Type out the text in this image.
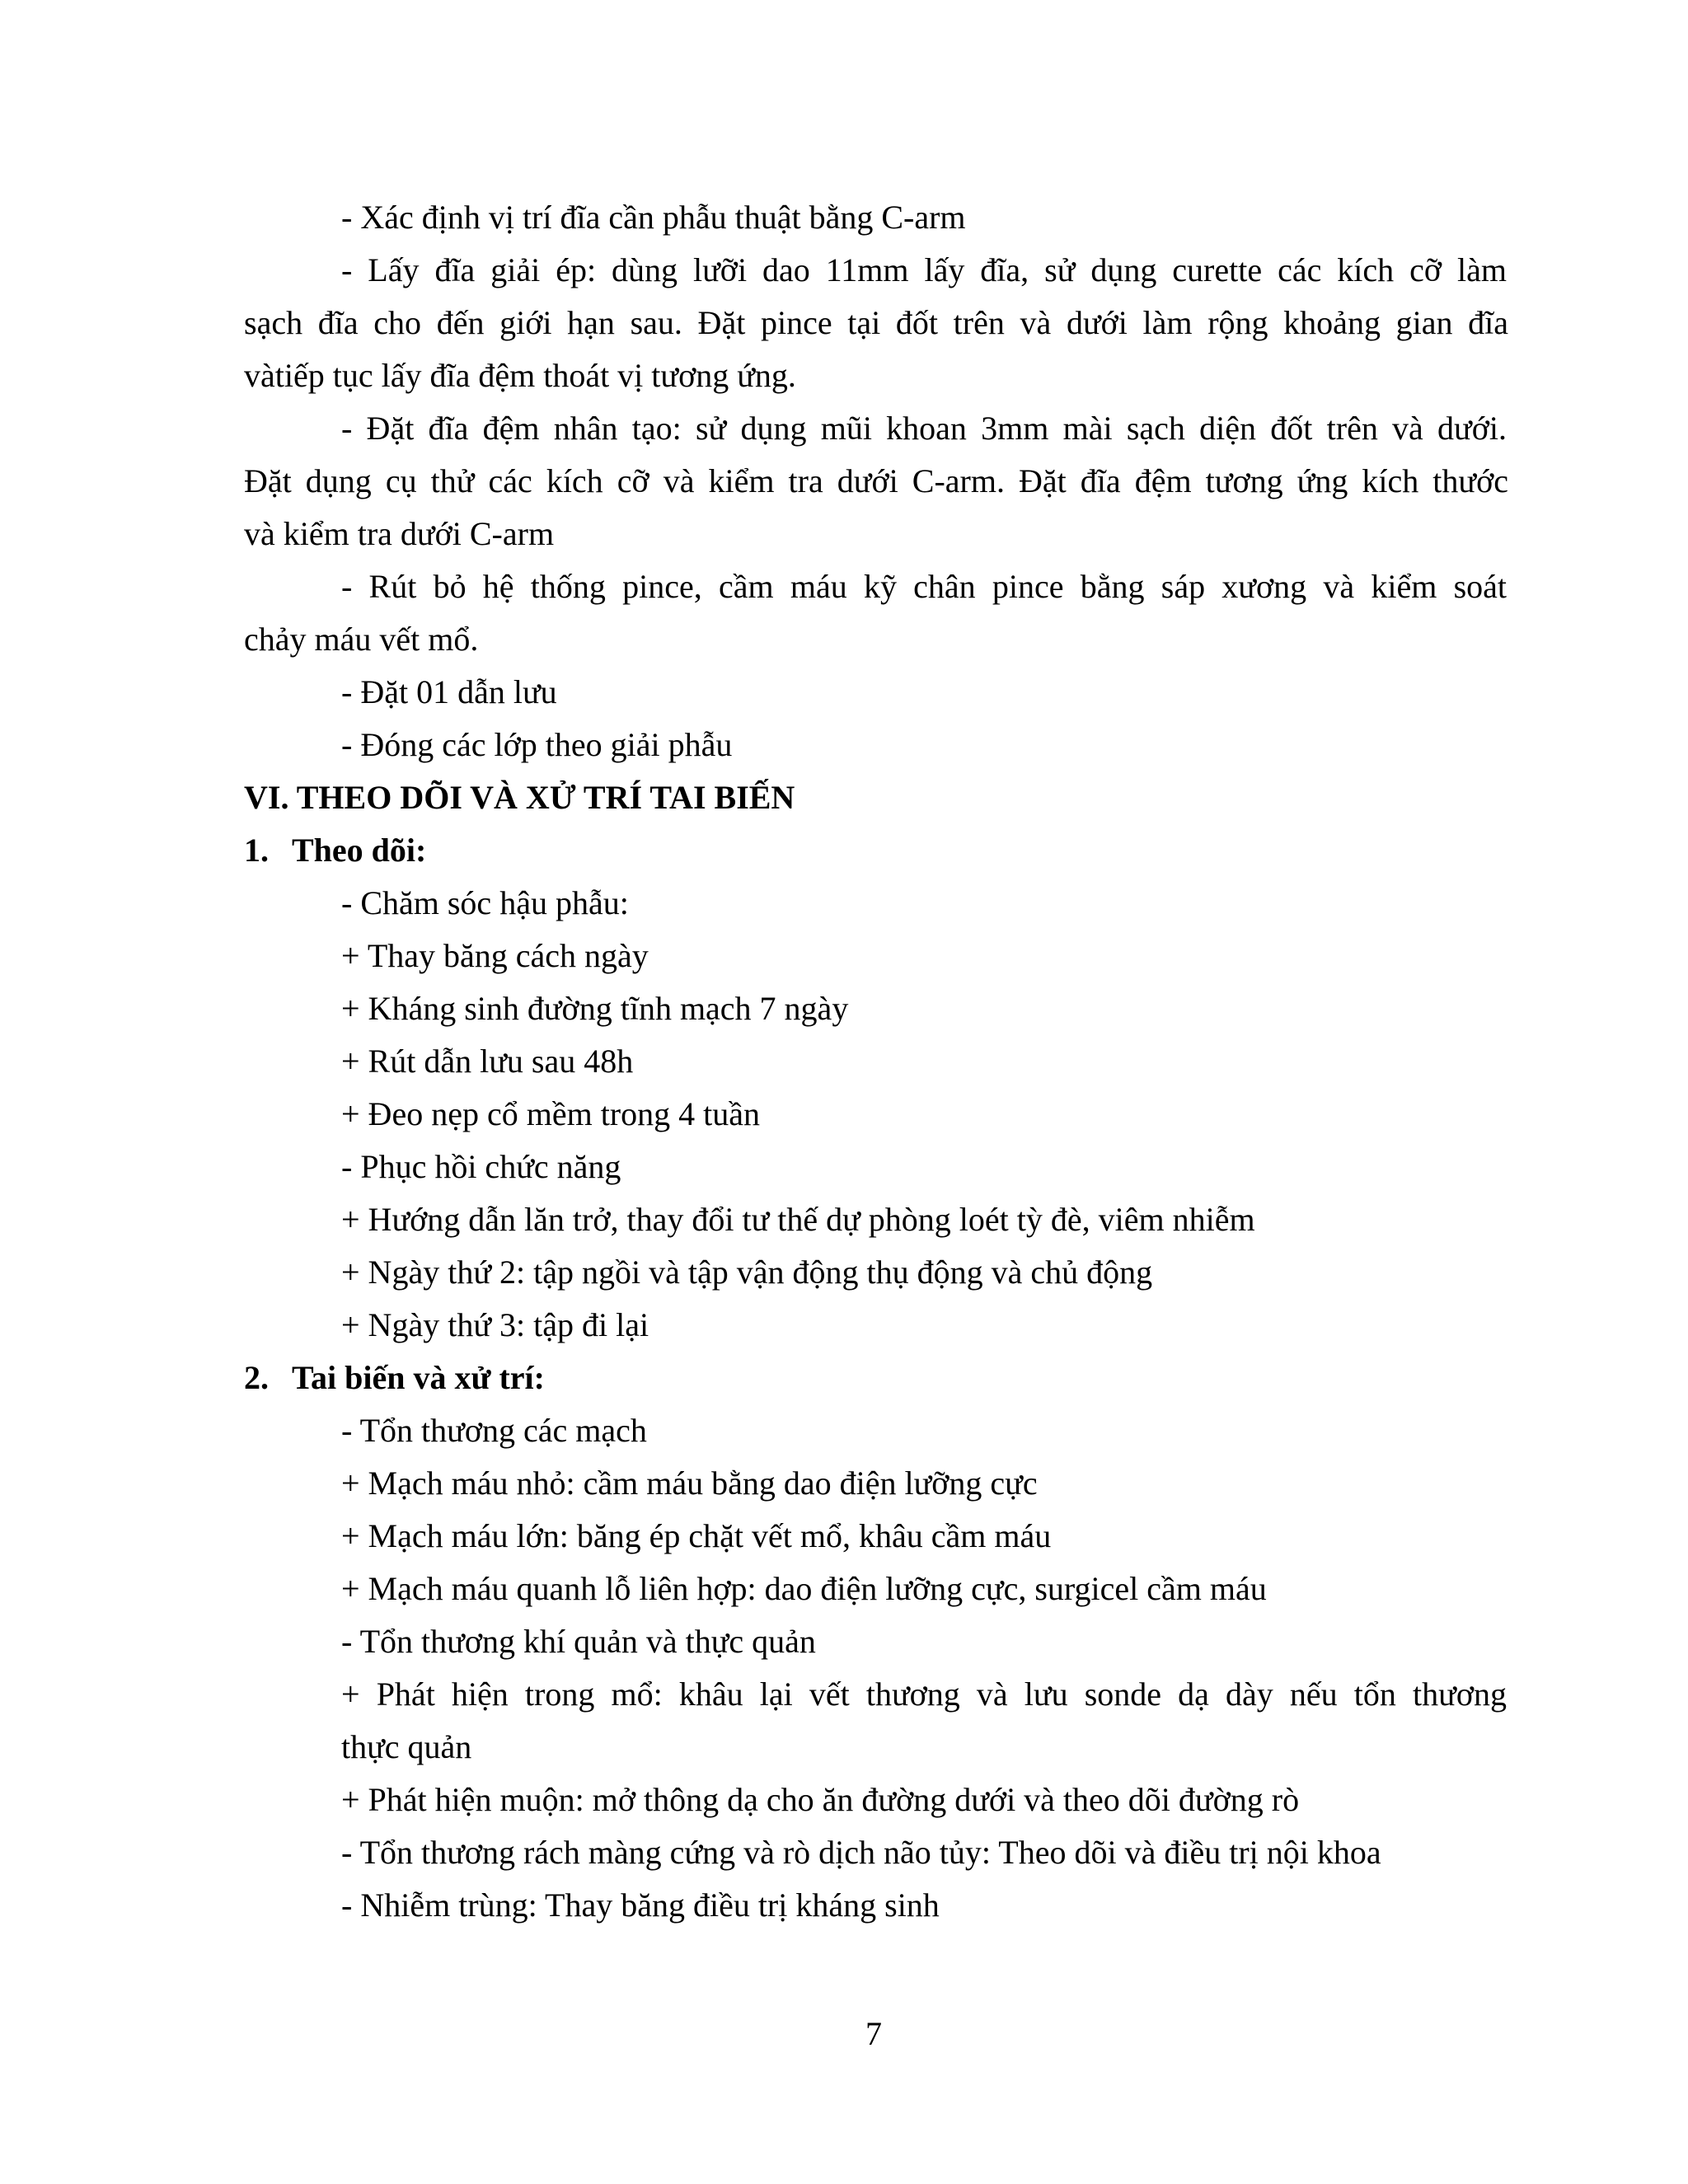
- Xác định vị trí đĩa cần phẫu thuật bằng C-arm
- Lấy đĩa giải ép: dùng lưỡi dao 11mm lấy đĩa, sử dụng curette các kích cỡ làm
sạch đĩa cho đến giới hạn sau. Đặt pince tại đốt trên và dưới làm rộng khoảng gian đĩa
vàtiếp tục lấy đĩa đệm thoát vị tương ứng.
- Đặt đĩa đệm nhân tạo: sử dụng mũi khoan 3mm mài sạch diện đốt trên và dưới.
Đặt dụng cụ thử các kích cỡ và kiểm tra dưới C-arm. Đặt đĩa đệm tương ứng kích thước
và kiểm tra dưới C-arm
- Rút bỏ hệ thống pince, cầm máu kỹ chân pince bằng sáp xương và kiểm soát
chảy máu vết mổ.
- Đặt 01 dẫn lưu
- Đóng các lớp theo giải phẫu
VI. THEO DÕI VÀ XỬ TRÍ TAI BIẾN
1. Theo dõi:
- Chăm sóc hậu phẫu:
+ Thay băng cách ngày
+ Kháng sinh đường tĩnh mạch 7 ngày
+ Rút dẫn lưu sau 48h
+ Đeo nẹp cổ mềm trong 4 tuần
- Phục hồi chức năng
+ Hướng dẫn lăn trở, thay đổi tư thế dự phòng loét tỳ đè, viêm nhiễm
+ Ngày thứ 2: tập ngồi và tập vận động thụ động và chủ động
+ Ngày thứ 3: tập đi lại
2. Tai biến và xử trí:
- Tổn thương các mạch
+ Mạch máu nhỏ: cầm máu bằng dao điện lưỡng cực
+ Mạch máu lớn: băng ép chặt vết mổ, khâu cầm máu
+ Mạch máu quanh lỗ liên hợp: dao điện lưỡng cực, surgicel cầm máu
- Tổn thương khí quản và thực quản
+ Phát hiện trong mổ: khâu lại vết thương và lưu sonde dạ dày nếu tổn thương
thực quản
+ Phát hiện muộn: mở thông dạ cho ăn đường dưới và theo dõi đường rò
- Tổn thương rách màng cứng và rò dịch não tủy: Theo dõi và điều trị nội khoa
- Nhiễm trùng: Thay băng điều trị kháng sinh
7
